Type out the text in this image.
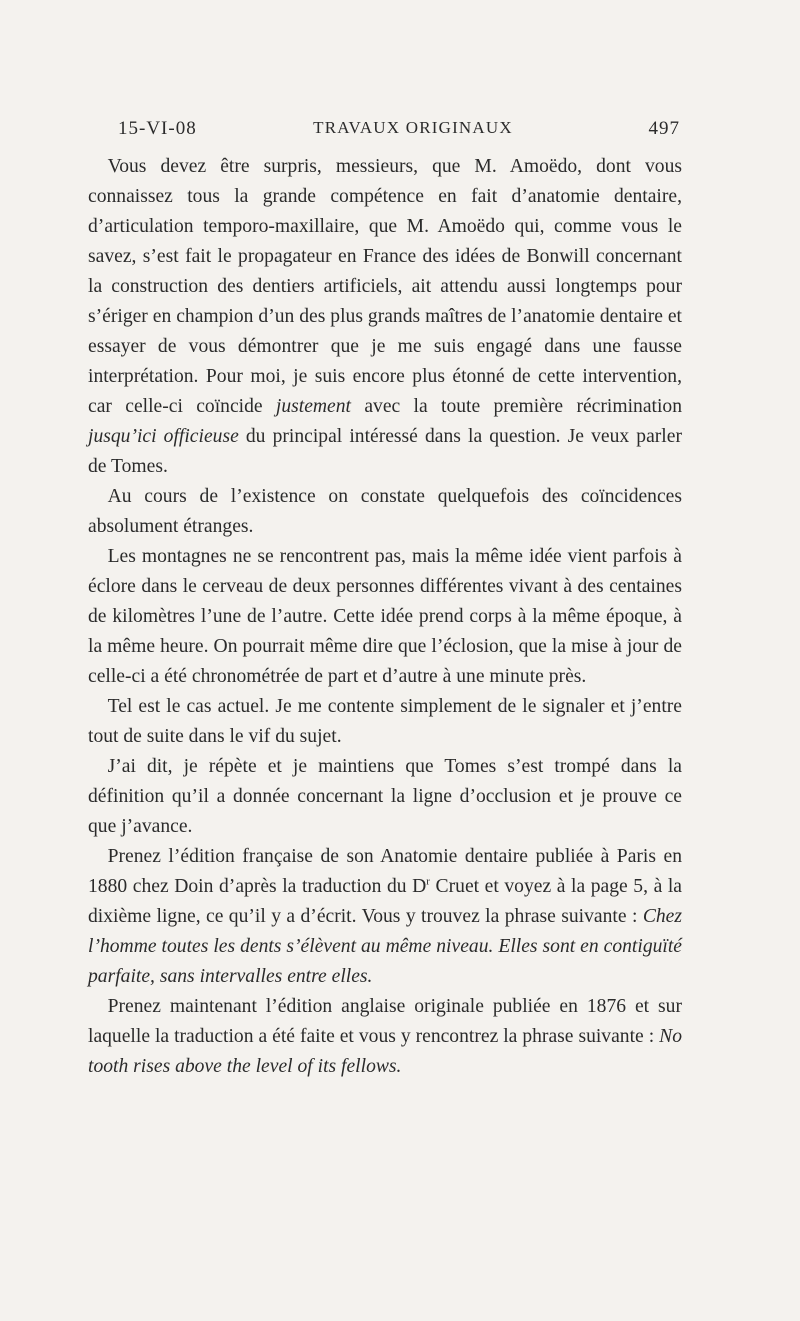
15-VI-08	TRAVAUX ORIGINAUX	497

 Vous devez être surpris, messieurs, que M. Amoëdo, dont vous connaissez tous la grande compétence en fait d’anatomie dentaire, d’articulation temporo-maxillaire, que M. Amoëdo qui, comme vous le savez, s’est fait le propagateur en France des idées de Bonwill concernant la construction des dentiers artificiels, ait attendu aussi longtemps pour s’ériger en champion d’un des plus grands maîtres de l’anatomie dentaire et essayer de vous démontrer que je me suis engagé dans une fausse interprétation. Pour moi, je suis encore plus étonné de cette intervention, car celle-ci coïncide justement avec la toute première récrimination jusqu’ici officieuse du principal intéressé dans la question. Je veux parler de Tomes.

 Au cours de l’existence on constate quelquefois des coïncidences absolument étranges.

 Les montagnes ne se rencontrent pas, mais la même idée vient parfois à éclore dans le cerveau de deux personnes différentes vivant à des centaines de kilomètres l’une de l’autre. Cette idée prend corps à la même époque, à la même heure. On pourrait même dire que l’éclosion, que la mise à jour de celle-ci a été chronométrée de part et d’autre à une minute près.

 Tel est le cas actuel. Je me contente simplement de le signaler et j’entre tout de suite dans le vif du sujet.

 J’ai dit, je répète et je maintiens que Tomes s’est trompé dans la définition qu’il a donnée concernant la ligne d’occlusion et je prouve ce que j’avance.

 Prenez l’édition française de son Anatomie dentaire publiée à Paris en 1880 chez Doin d’après la traduction du $D^r$ Cruet et voyez à la page 5, à la dixième ligne, ce qu’il y a d’écrit. Vous y trouvez la phrase suivante : Chez l’homme toutes les dents s’élèvent au même niveau. Elles sont en contiguïté parfaite, sans intervalles entre elles.

 Prenez maintenant l’édition anglaise originale publiée en 1876 et sur laquelle la traduction a été faite et vous y rencontrez la phrase suivante : No tooth rises above the level of its fellows.
